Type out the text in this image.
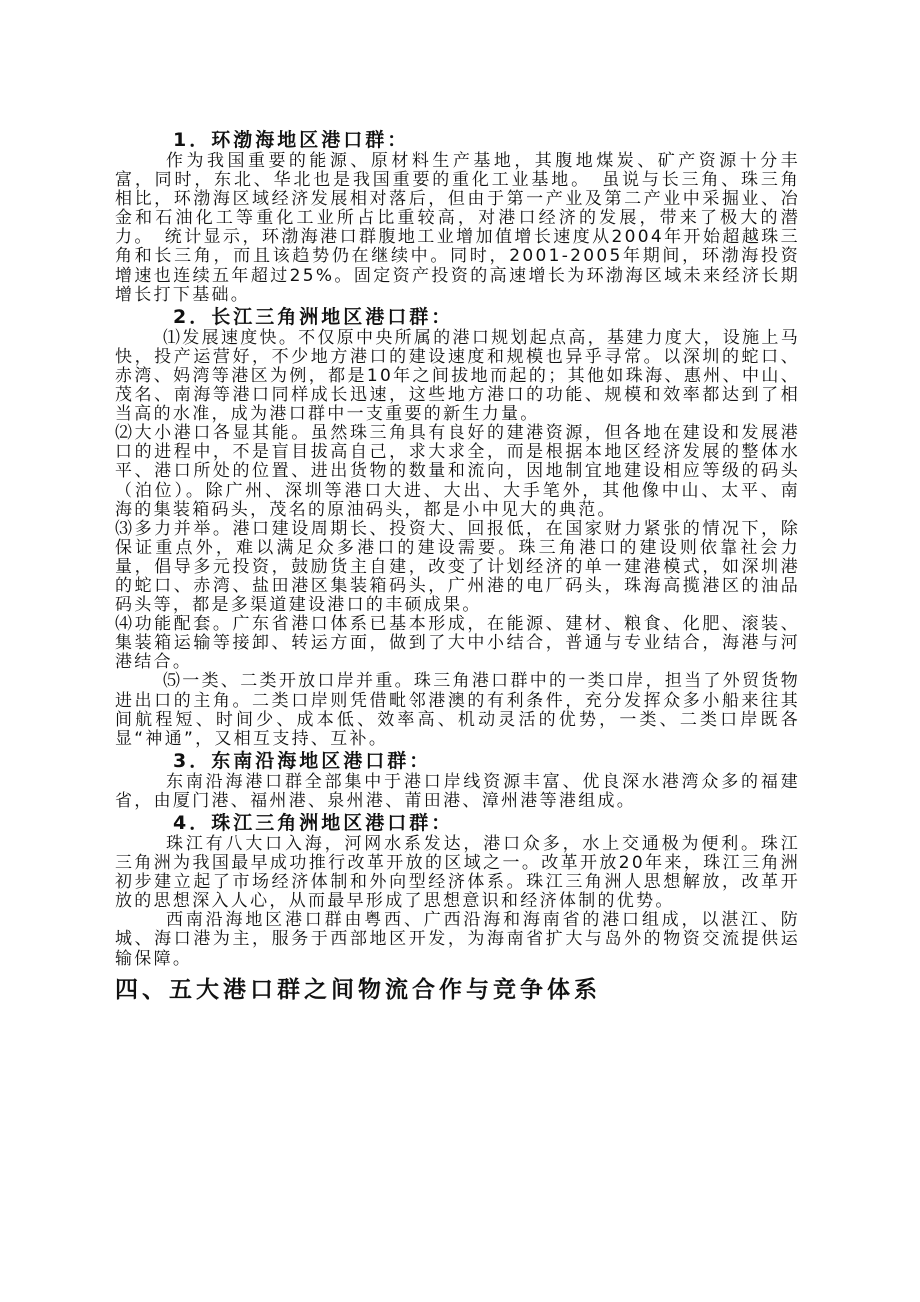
1．环渤海地区港口群：

作为我国重要的能源、原材料生产基地，其腹地煤炭、矿产资源十分丰富，同时，东北、华北也是我国重要的重化工业基地。　虽说与长三角、珠三角相比，环渤海区域经济发展相对落后，但由于第一产业及第二产业中采掘业、冶金和石油化工等重化工业所占比重较高，对港口经济的发展，带来了极大的潜力。　统计显示，环渤海港口群腹地工业增加值增长速度从2004年开始超越珠三角和长三角，而且该趋势仍在继续中。同时，2001-2005年期间，环渤海投资增速也连续五年超过25%。固定资产投资的高速增长为环渤海区域未来经济长期增长打下基础。

2．长江三角洲地区港口群：

⑴发展速度快。不仅原中央所属的港口规划起点高，基建力度大，设施上马快，投产运营好，不少地方港口的建设速度和规模也异乎寻常。以深圳的蛇口、赤湾、妈湾等港区为例，都是10年之间拔地而起的；其他如珠海、惠州、中山、茂名、南海等港口同样成长迅速，这些地方港口的功能、规模和效率都达到了相当高的水准，成为港口群中一支重要的新生力量。

⑵大小港口各显其能。虽然珠三角具有良好的建港资源，但各地在建设和发展港口的进程中，不是盲目拔高自己，求大求全，而是根据本地区经济发展的整体水平、港口所处的位置、进出货物的数量和流向，因地制宜地建设相应等级的码头（泊位）。除广州、深圳等港口大进、大出、大手笔外，其他像中山、太平、南海的集装箱码头，茂名的原油码头，都是小中见大的典范。

⑶多力并举。港口建设周期长、投资大、回报低，在国家财力紧张的情况下，除保证重点外，难以满足众多港口的建设需要。珠三角港口的建设则依靠社会力量，倡导多元投资，鼓励货主自建，改变了计划经济的单一建港模式，如深圳港的蛇口、赤湾、盐田港区集装箱码头，广州港的电厂码头，珠海高揽港区的油品码头等，都是多渠道建设港口的丰硕成果。

⑷功能配套。广东省港口体系已基本形成，在能源、建材、粮食、化肥、滚装、集装箱运输等接卸、转运方面，做到了大中小结合，普通与专业结合，海港与河港结合。

⑸一类、二类开放口岸并重。珠三角港口群中的一类口岸，担当了外贸货物进出口的主角。二类口岸则凭借毗邻港澳的有利条件，充分发挥众多小船来往其间航程短、时间少、成本低、效率高、机动灵活的优势，一类、二类口岸既各显“神通”，又相互支持、互补。

3．东南沿海地区港口群：

东南沿海港口群全部集中于港口岸线资源丰富、优良深水港湾众多的福建省，由厦门港、福州港、泉州港、莆田港、漳州港等港组成。

4．珠江三角洲地区港口群：

珠江有八大口入海，河网水系发达，港口众多，水上交通极为便利。珠江三角洲为我国最早成功推行改革开放的区域之一。改革开放20年来，珠江三角洲初步建立起了市场经济体制和外向型经济体系。珠江三角洲人思想解放，改革开放的思想深入人心，从而最早形成了思想意识和经济体制的优势。

西南沿海地区港口群由粤西、广西沿海和海南省的港口组成，以湛江、防城、海口港为主，服务于西部地区开发，为海南省扩大与岛外的物资交流提供运输保障。

四、五大港口群之间物流合作与竞争体系
